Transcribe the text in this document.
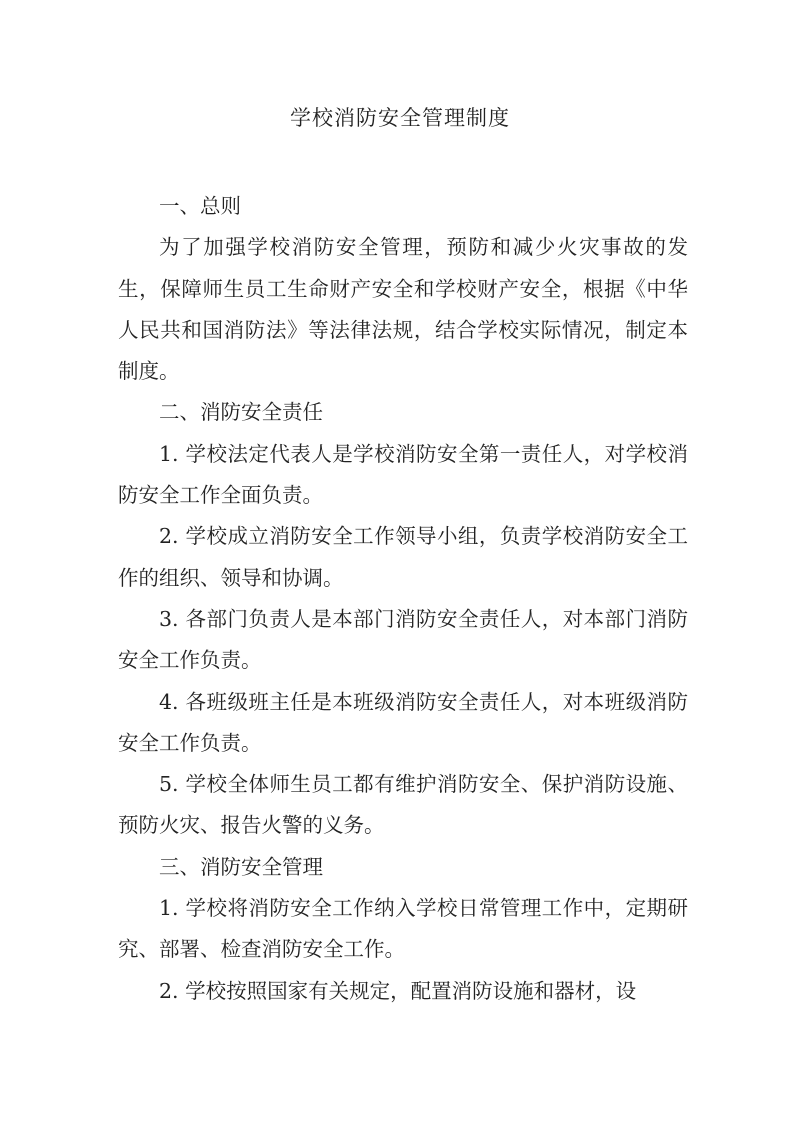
学校消防安全管理制度

一、总则

为了加强学校消防安全管理，预防和减少火灾事故的发生，保障师生员工生命财产安全和学校财产安全，根据《中华人民共和国消防法》等法律法规，结合学校实际情况，制定本制度。

二、消防安全责任

1. 学校法定代表人是学校消防安全第一责任人，对学校消防安全工作全面负责。

2. 学校成立消防安全工作领导小组，负责学校消防安全工作的组织、领导和协调。

3. 各部门负责人是本部门消防安全责任人，对本部门消防安全工作负责。

4. 各班级班主任是本班级消防安全责任人，对本班级消防安全工作负责。

5. 学校全体师生员工都有维护消防安全、保护消防设施、预防火灾、报告火警的义务。

三、消防安全管理

1. 学校将消防安全工作纳入学校日常管理工作中，定期研究、部署、检查消防安全工作。

2. 学校按照国家有关规定，配置消防设施和器材，设
